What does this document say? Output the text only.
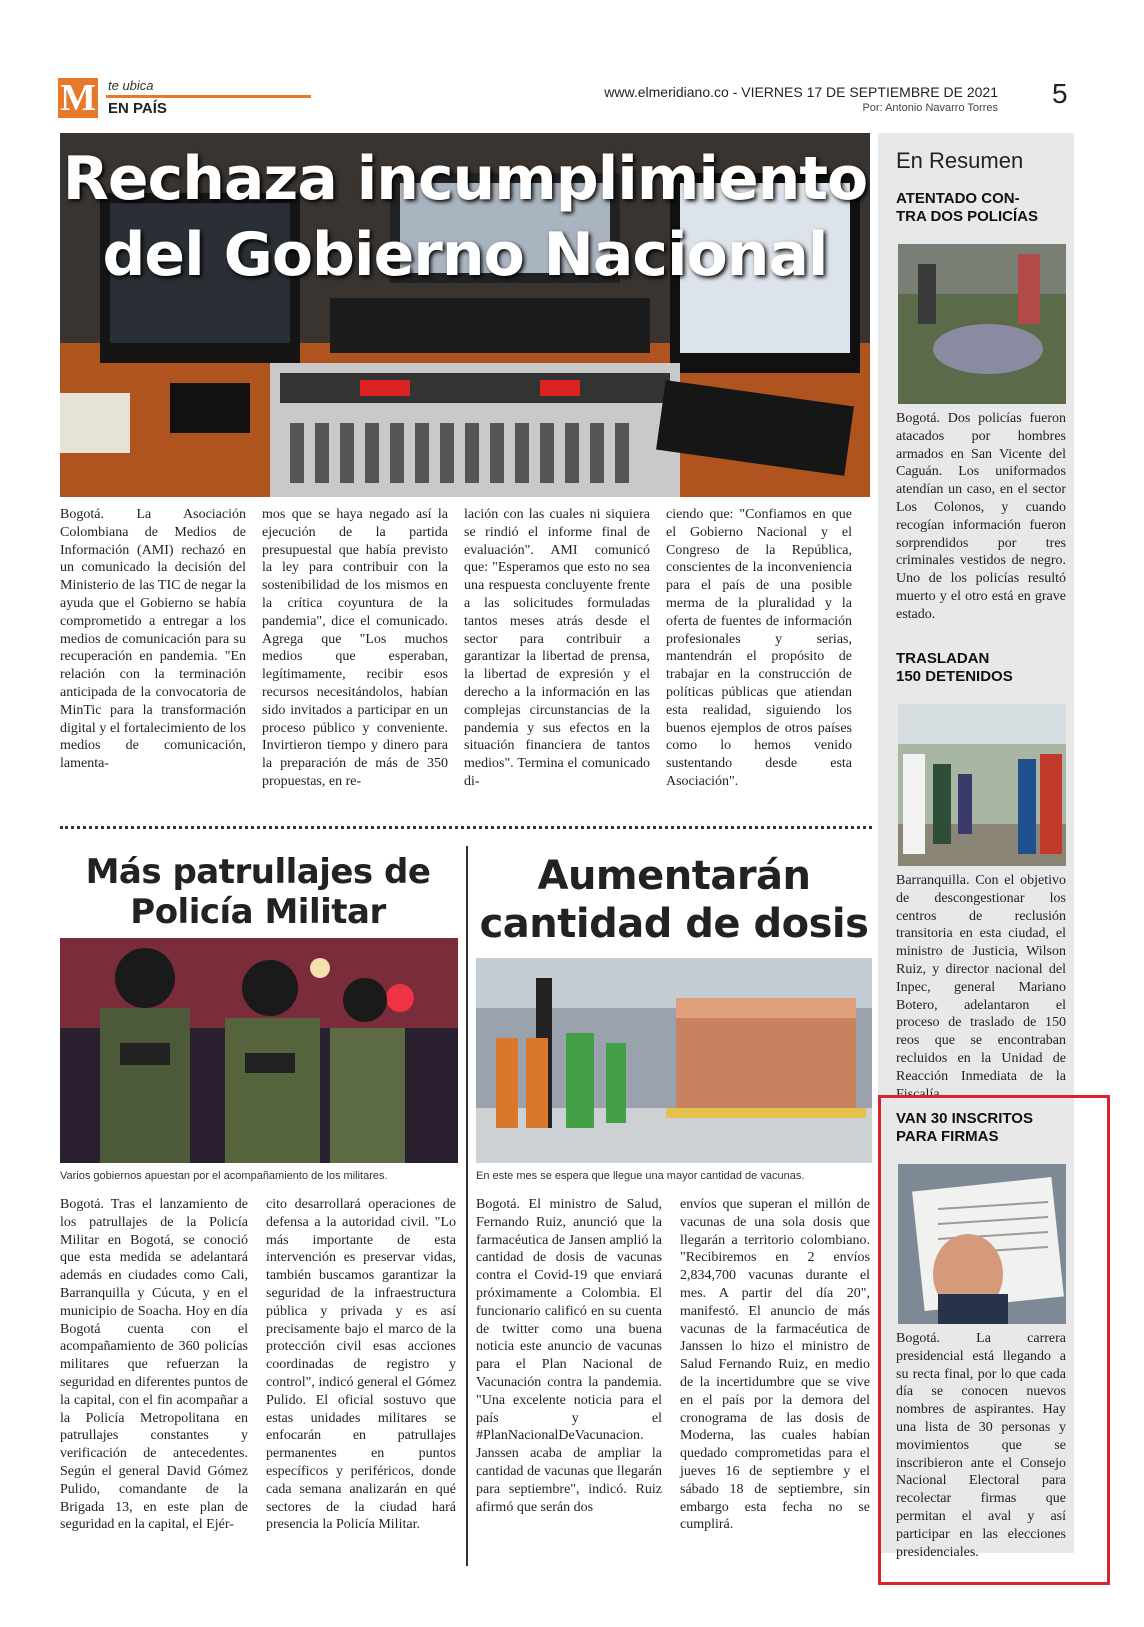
M te ubica
EN PAÍS
www.elmeridiano.co - VIERNES 17 DE SEPTIEMBRE DE 2021
Por: Antonio Navarro Torres 5
Rechaza incumplimiento
del Gobierno Nacional
Bogotá. La Asociación Colombiana de Medios de Información (AMI) rechazó en un comunicado la decisión del Ministerio de las TIC de negar la ayuda que el Gobierno se había comprometido a entregar a los medios de comunicación para su recuperación en pandemia. "En relación con la terminación anticipada de la convocatoria de MinTic para la transformación digital y el fortalecimiento de los medios de comunicación, lamenta-
mos que se haya negado así la ejecución de la partida presupuestal que había previsto la ley para contribuir con la sostenibilidad de los mismos en la crítica coyuntura de la pandemia", dice el comunicado. Agrega que "Los muchos medios que esperaban, legítimamente, recibir esos recursos necesitándolos, habían sido invitados a participar en un proceso público y conveniente. Invirtieron tiempo y dinero para la preparación de más de 350 propuestas, en re-
lación con las cuales ni siquiera se rindió el informe final de evaluación". AMI comunicó que: "Esperamos que esto no sea una respuesta concluyente frente a las solicitudes formuladas tantos meses atrás desde el sector para contribuir a garantizar la libertad de prensa, la libertad de expresión y el derecho a la información en las complejas circunstancias de la pandemia y sus efectos en la situación financiera de tantos medios". Termina el comunicado di-
ciendo que: "Confiamos en que el Gobierno Nacional y el Congreso de la República, conscientes de la inconveniencia para el país de una posible merma de la pluralidad y la oferta de fuentes de información profesionales y serias, mantendrán el propósito de trabajar en la construcción de políticas públicas que atiendan esta realidad, siguiendo los buenos ejemplos de otros países como lo hemos venido sustentando desde esta Asociación".
Más patrullajes de
Policía Militar
Varios gobiernos apuestan por el acompañamiento de los militares.
Bogotá. Tras el lanzamiento de los patrullajes de la Policía Militar en Bogotá, se conoció que esta medida se adelantará además en ciudades como Cali, Barranquilla y Cúcuta, y en el municipio de Soacha. Hoy en día Bogotá cuenta con el acompañamiento de 360 policías militares que refuerzan la seguridad en diferentes puntos de la capital, con el fin acompañar a la Policía Metropolitana en patrullajes constantes y verificación de antecedentes. Según el general David Gómez Pulido, comandante de la Brigada 13, en este plan de seguridad en la capital, el Ejér-
cito desarrollará operaciones de defensa a la autoridad civil. "Lo más importante de esta intervención es preservar vidas, también buscamos garantizar la seguridad de la infraestructura pública y privada y es así precisamente bajo el marco de la protección civil esas acciones coordinadas de registro y control", indicó general el Gómez Pulido. El oficial sostuvo que estas unidades militares se enfocarán en patrullajes permanentes en puntos específicos y periféricos, donde cada semana analizarán en qué sectores de la ciudad hará presencia la Policía Militar.
Aumentarán
cantidad de dosis
En este mes se espera que llegue una mayor cantidad de vacunas.
Bogotá. El ministro de Salud, Fernando Ruiz, anunció que la farmacéutica de Jansen amplió la cantidad de dosis de vacunas contra el Covid-19 que enviará próximamente a Colombia. El funcionario calificó en su cuenta de twitter como una buena noticia este anuncio de vacunas para el Plan Nacional de Vacunación contra la pandemia. "Una excelente noticia para el país y el #PlanNacionalDeVacunacion. Janssen acaba de ampliar la cantidad de vacunas que llegarán para septiembre", indicó. Ruiz afirmó que serán dos
envíos que superan el millón de vacunas de una sola dosis que llegarán a territorio colombiano. "Recibiremos en 2 envíos 2,834,700 vacunas durante el mes. A partir del día 20", manifestó. El anuncio de más vacunas de la farmacéutica de Janssen lo hizo el ministro de Salud Fernando Ruiz, en medio de la incertidumbre que se vive en el país por la demora del cronograma de las dosis de Moderna, las cuales habían quedado comprometidas para el jueves 16 de septiembre y el sábado 18 de septiembre, sin embargo esta fecha no se cumplirá.
En Resumen
ATENTADO CON-
TRA DOS POLICÍAS
Bogotá. Dos policías fueron atacados por hombres armados en San Vicente del Caguán. Los uniformados atendían un caso, en el sector Los Colonos, y cuando recogían información fueron sorprendidos por tres criminales vestidos de negro. Uno de los policías resultó muerto y el otro está en grave estado.
TRASLADAN
150 DETENIDOS
Barranquilla. Con el objetivo de descongestionar los centros de reclusión transitoria en esta ciudad, el ministro de Justicia, Wilson Ruiz, y director nacional del Inpec, general Mariano Botero, adelantaron el proceso de traslado de 150 reos que se encontraban recluidos en la Unidad de Reacción Inmediata de la Fiscalía.
VAN 30 INSCRITOS
PARA FIRMAS
Bogotá. La carrera presidencial está llegando a su recta final, por lo que cada día se conocen nuevos nombres de aspirantes. Hay una lista de 30 personas y movimientos que se inscribieron ante el Consejo Nacional Electoral para recolectar firmas que permitan el aval y así participar en las elecciones presidenciales.
